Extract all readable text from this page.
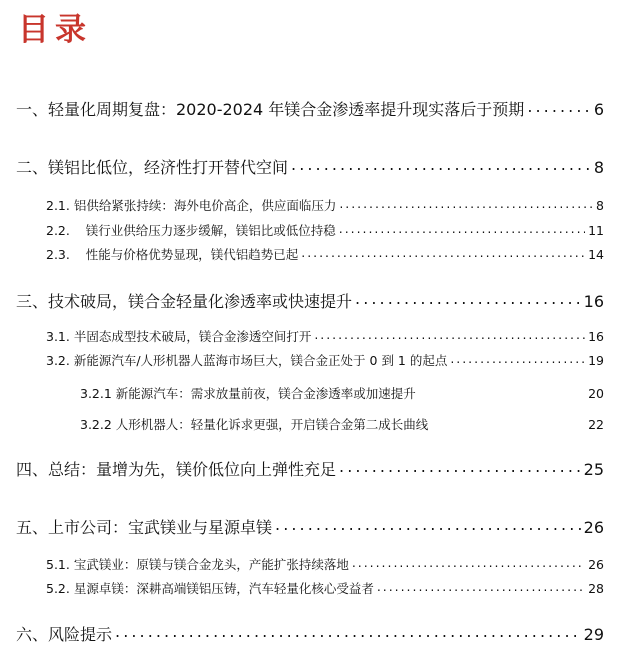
目录
一、轻量化周期复盘：2020-2024 年镁合金渗透率提升现实落后于预期 . . .	6
二、镁铝比低位，经济性打开替代空间 . . .	8
2.1. 铝供给紧张持续：海外电价高企，供应面临压力 . . .	8
2.2.    镁行业供给压力逐步缓解，镁铝比或低位持稳 . . .	11
2.3.    性能与价格优势显现，镁代铝趋势已起 . . .	14
三、技术破局，镁合金轻量化渗透率或快速提升 . . .	16
3.1. 半固态成型技术破局，镁合金渗透空间打开 . . .	16
3.2. 新能源汽车/人形机器人蓝海市场巨大，镁合金正处于 0 到 1 的起点 . . .	19
3.2.1 新能源汽车：需求放量前夜，镁合金渗透率或加速提升	20
3.2.2 人形机器人：轻量化诉求更强，开启镁合金第二成长曲线	22
四、总结：量增为先，镁价低位向上弹性充足 . . .	25
五、上市公司：宝武镁业与星源卓镁 . . .	26
5.1. 宝武镁业：原镁与镁合金龙头，产能扩张持续落地 . . .	26
5.2. 星源卓镁：深耕高端镁铝压铸，汽车轻量化核心受益者 . . .	28
六、风险提示 . . .	29
